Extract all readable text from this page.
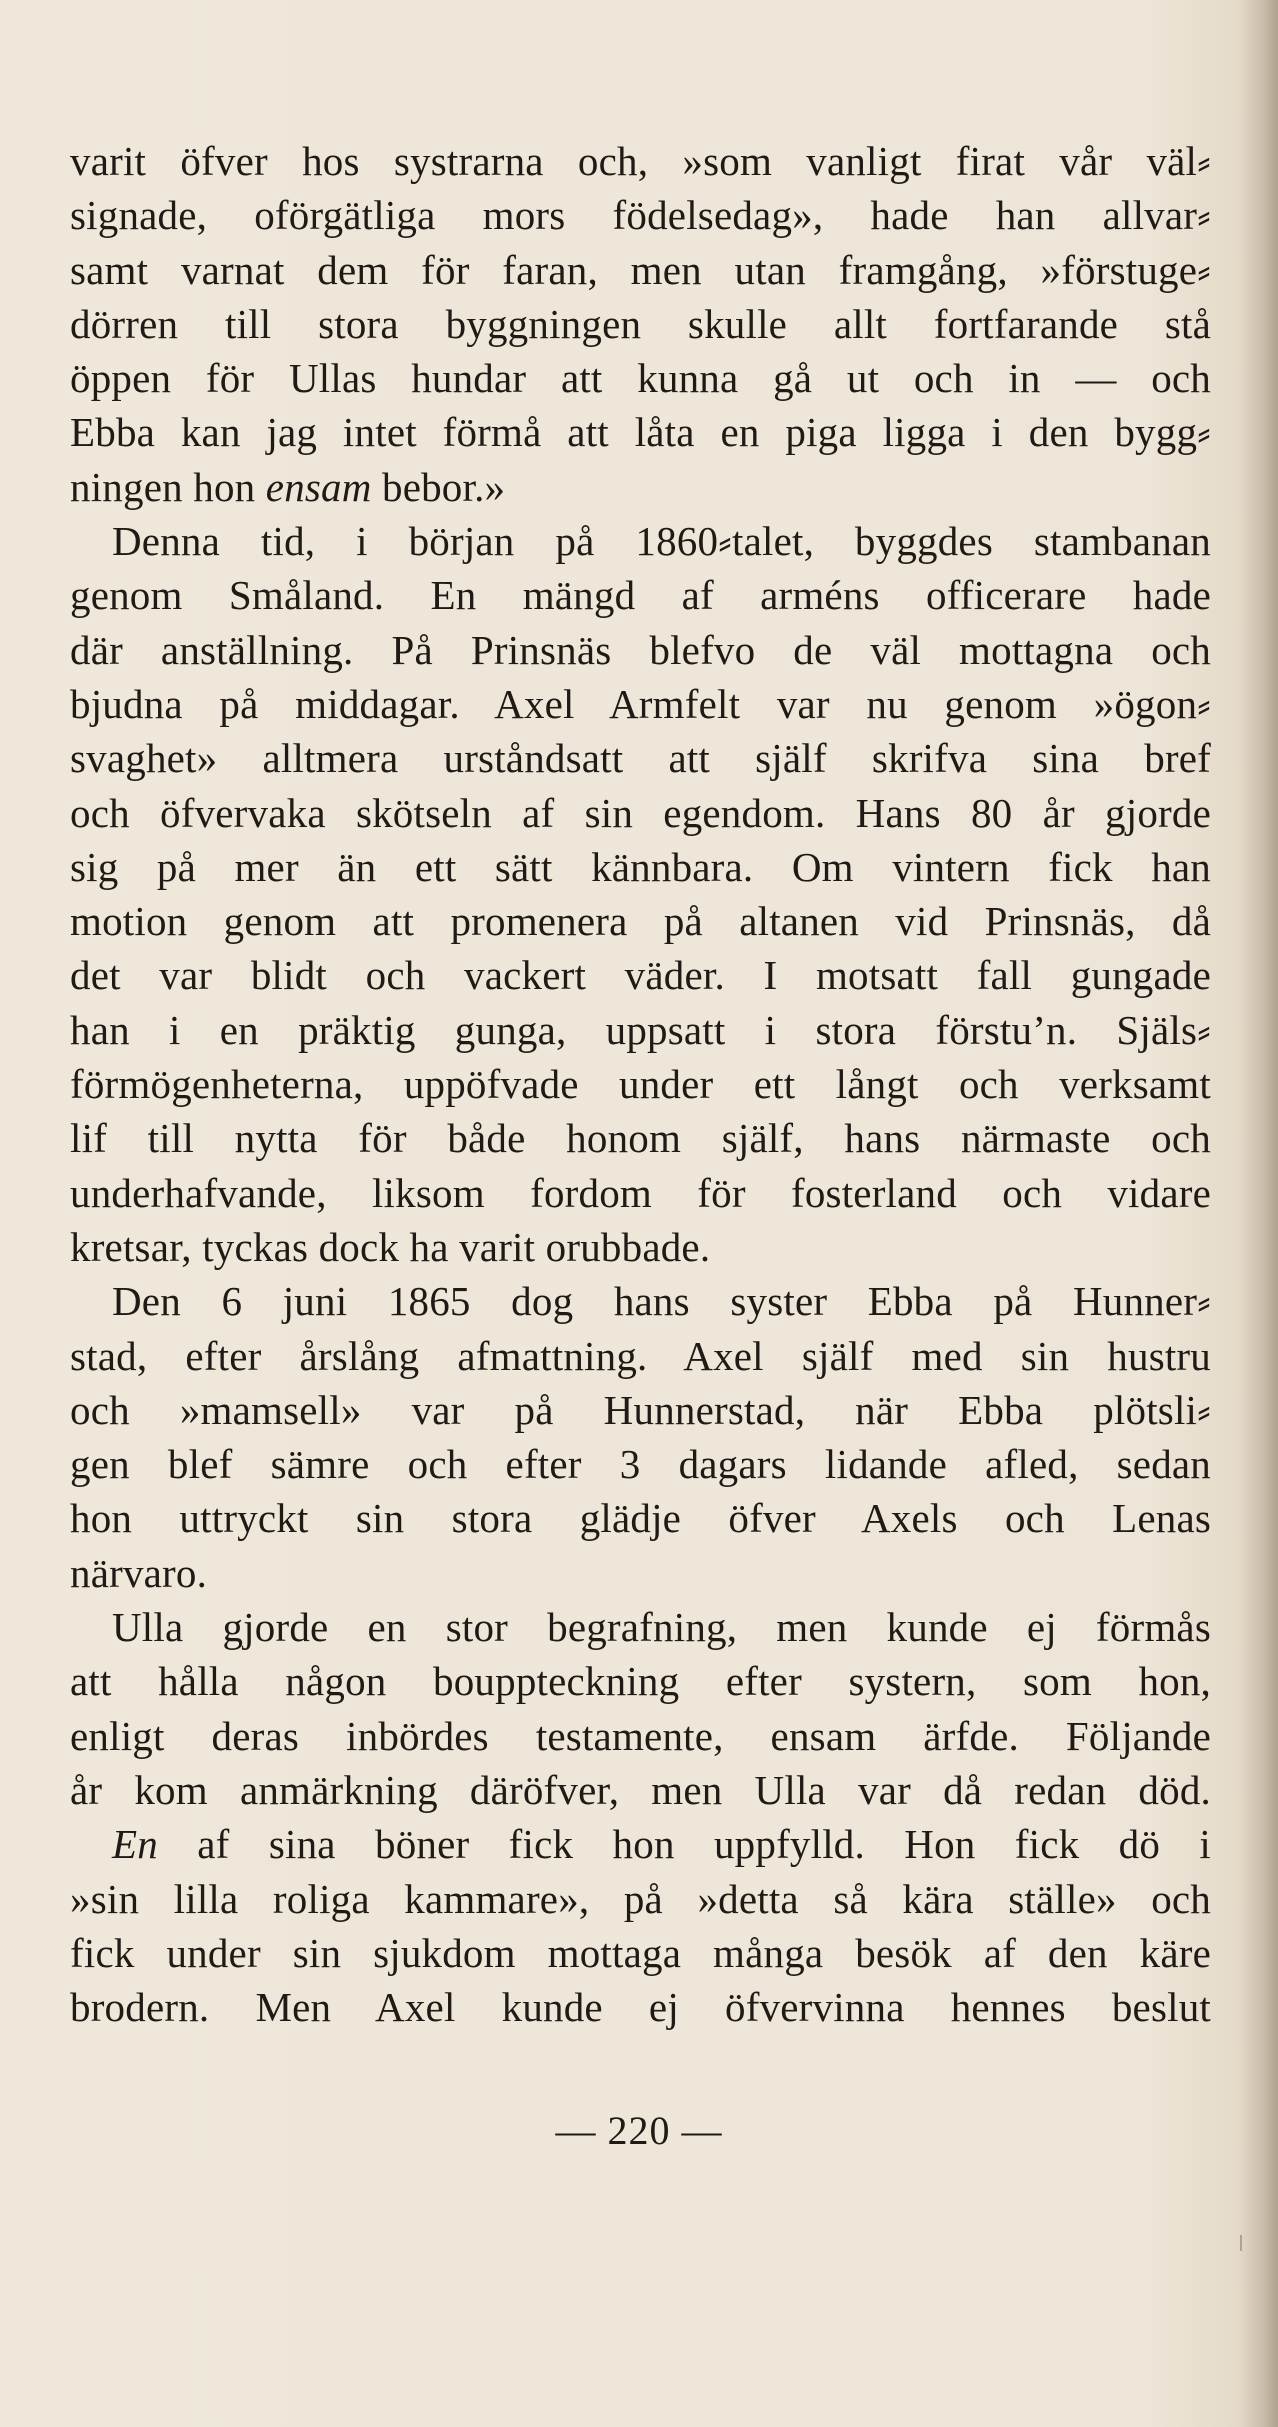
varit öfver hos systrarna och, »som vanligt firat vår väl⸗
signade, oförgätliga mors födelsedag», hade han allvar⸗
samt varnat dem för faran, men utan framgång, »förstuge⸗
dörren till stora byggningen skulle allt fortfarande stå
öppen för Ullas hundar att kunna gå ut och in — och
Ebba kan jag intet förmå att låta en piga ligga i den bygg⸗
ningen hon ensam bebor.»
Denna tid, i början på 1860⸗talet, byggdes stambanan
genom Småland. En mängd af arméns officerare hade
där anställning. På Prinsnäs blefvo de väl mottagna och
bjudna på middagar. Axel Armfelt var nu genom »ögon⸗
svaghet» alltmera urståndsatt att själf skrifva sina bref
och öfvervaka skötseln af sin egendom. Hans 80 år gjorde
sig på mer än ett sätt kännbara. Om vintern fick han
motion genom att promenera på altanen vid Prinsnäs, då
det var blidt och vackert väder. I motsatt fall gungade
han i en präktig gunga, uppsatt i stora förstu’n. Själs⸗
förmögenheterna, uppöfvade under ett långt och verksamt
lif till nytta för både honom själf, hans närmaste och
underhafvande, liksom fordom för fosterland och vidare
kretsar, tyckas dock ha varit orubbade.
Den 6 juni 1865 dog hans syster Ebba på Hunner⸗
stad, efter årslång afmattning. Axel själf med sin hustru
och »mamsell» var på Hunnerstad, när Ebba plötsli⸗
gen blef sämre och efter 3 dagars lidande afled, sedan
hon uttryckt sin stora glädje öfver Axels och Lenas
närvaro.
Ulla gjorde en stor begrafning, men kunde ej förmås
att hålla någon bouppteckning efter systern, som hon,
enligt deras inbördes testamente, ensam ärfde. Följande
år kom anmärkning däröfver, men Ulla var då redan död.
En af sina böner fick hon uppfylld. Hon fick dö i
»sin lilla roliga kammare», på »detta så kära ställe» och
fick under sin sjukdom mottaga många besök af den käre
brodern. Men Axel kunde ej öfvervinna hennes beslut
— 220 —
